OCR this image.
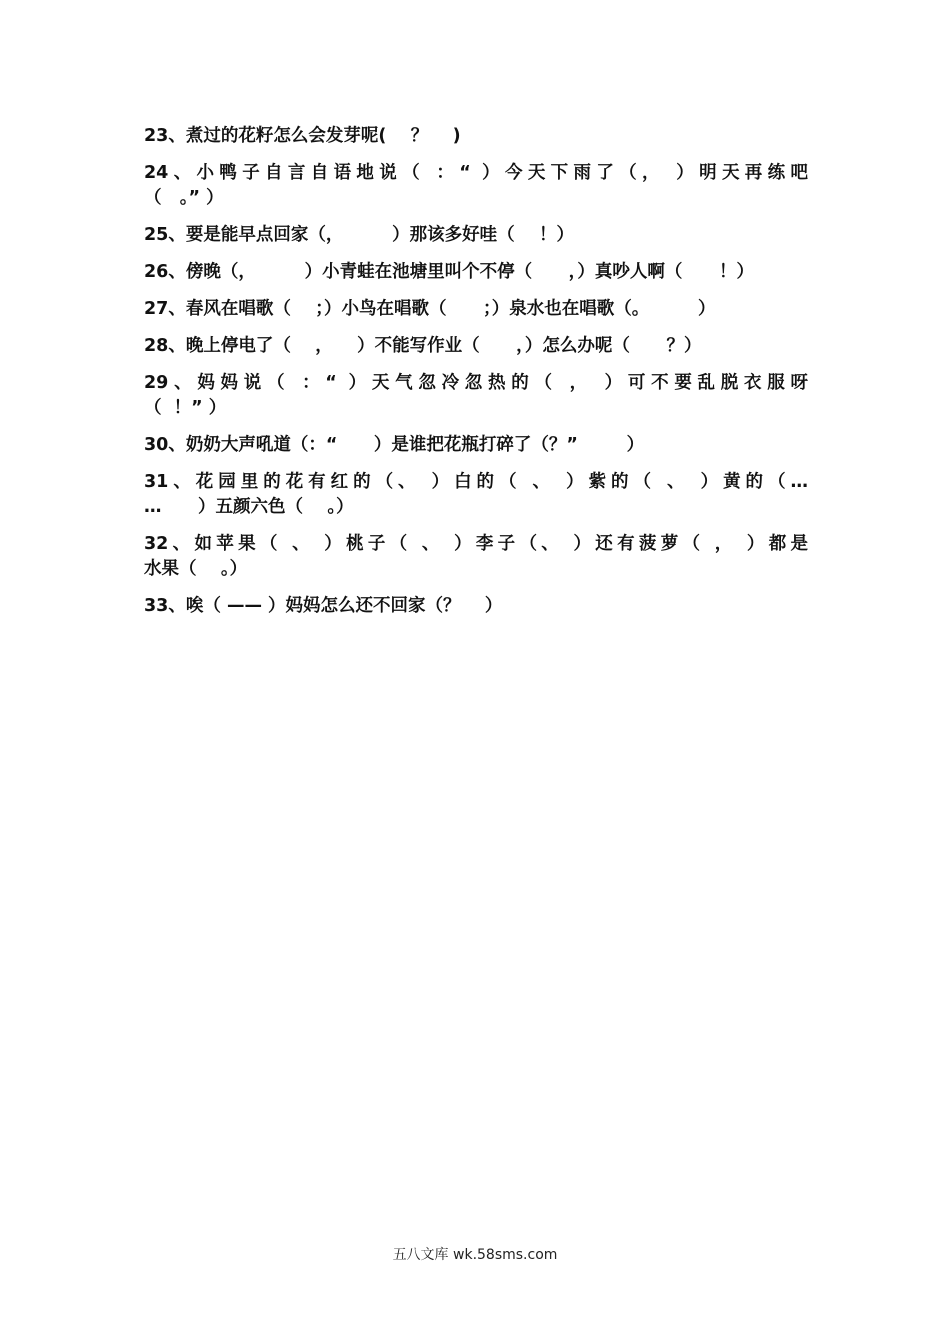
23、煮过的花籽怎么会发芽呢(    ？    )
24、小鸭子自言自语地说（ ：“ ）今天下雨了（， ）明天再练吧
（   。” ）
25、要是能早点回家（，        ）那该多好哇（    ！）
26、傍晚（，        ）小青蛙在池塘里叫个不停（      ，）真吵人啊（      ！）
27、春风在唱歌（    ；）小鸟在唱歌（      ；）泉水也在唱歌（。        ）
28、晚上停电了（    ，    ）不能写作业（      ，）怎么办呢（      ？）
29、妈妈说（ ：“ ）天气忽冷忽热的（ ， ）可不要乱脱衣服呀
（  ！” ）
30、奶奶大声吼道（：“      ）是谁把花瓶打碎了（？”        ）
31、花园里的花有红的（、 ）白的（ 、 ）紫的（ 、 ）黄的（…
…      ）五颜六色（    。）
32、如苹果（ 、 ）桃子（ 、 ）李子（、 ）还有菠萝（ ， ）都是
水果（    。）
33、唉（ —— ）妈妈怎么还不回家（？    ）
五八文库 wk.58sms.com
